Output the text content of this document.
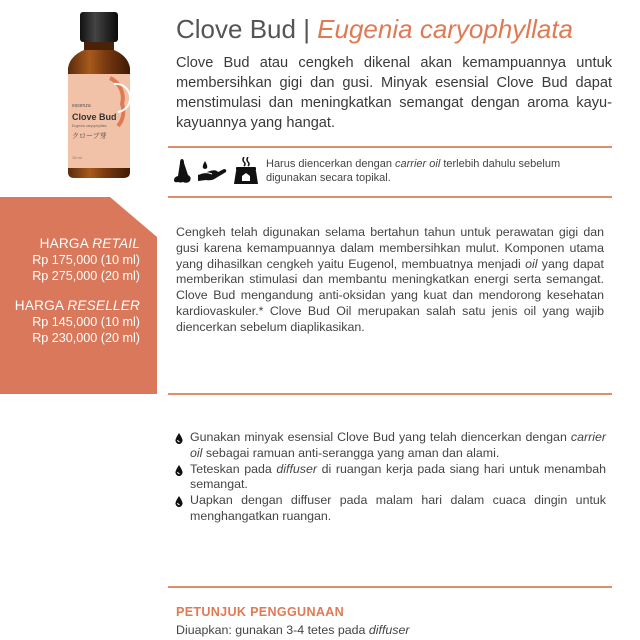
essenza
Clove Bud
Eugenia caryophyllata
クローブ芽
10 ml
Clove Bud | Eugenia caryophyllata
Clove Bud atau cengkeh dikenal akan kemampuannya untuk membersihkan gigi dan gusi. Minyak esensial Clove Bud dapat menstimulasi dan meningkatkan semangat dengan aroma kayu-kayuannya yang hangat.
Harus diencerkan dengan carrier oil terlebih dahulu sebelum digunakan secara topikal.
HARGA RETAIL
Rp 175,000 (10 ml)
Rp 275,000 (20 ml)
HARGA RESELLER
Rp 145,000 (10 ml)
Rp 230,000 (20 ml)
Cengkeh telah digunakan selama bertahun tahun untuk perawatan gigi dan gusi karena kemampuannya dalam membersihkan mulut. Komponen utama yang dihasilkan cengkeh yaitu Eugenol, membuatnya menjadi oil yang dapat memberikan stimulasi dan membantu meningkatkan energi serta semangat. Clove Bud mengandung anti-oksidan yang kuat dan mendorong kesehatan kardiovaskuler.* Clove Bud Oil merupakan salah satu jenis oil yang wajib diencerkan sebelum diaplikasikan.
Gunakan minyak esensial Clove Bud yang telah diencerkan dengan carrier oil sebagai ramuan anti-serangga yang aman dan alami.
Teteskan pada diffuser di ruangan kerja pada siang hari untuk menambah semangat.
Uapkan dengan diffuser pada malam hari dalam cuaca dingin untuk menghangatkan ruangan.
PETUNJUK PENGGUNAAN
Diuapkan: gunakan 3-4 tetes pada diffuser
